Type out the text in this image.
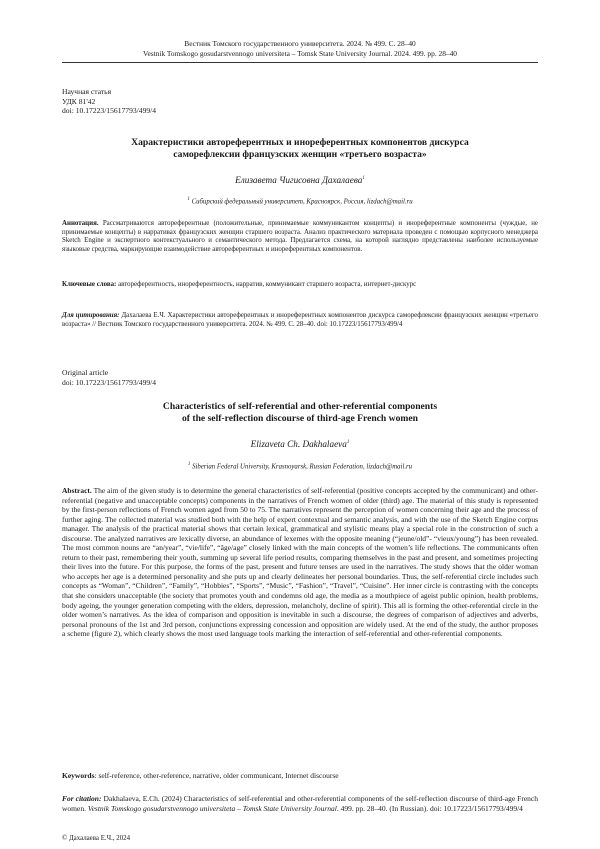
Вестник Томского государственного университета. 2024. № 499. С. 28–40
Vestnik Tomskogo gosudarstvennogo universiteta – Tomsk State University Journal. 2024. 499. pp. 28–40
Научная статья
УДК 81'42
doi: 10.17223/15617793/499/4
Характеристики автореферентных и инореферентных компонентов дискурса
саморефлексии французских женщин «третьего возраста»
Елизавета Чигисовна Дахалаева$^1$
$^1$ Сибирский федеральный университет, Красноярск, Россия, lizdach@mail.ru
Аннотация. Рассматриваются автореферентные (положительные, принимаемые коммуникантом концепты) и инореферентные компоненты (чуждые, не принимаемые концепты) в нарративах французских женщин старшего возраста. Анализ практического материала проведен с помощью корпусного менеджера Sketch Engine и экспертного контекстуального и семантического метода. Предлагается схема, на которой наглядно представлены наиболее используемые языковые средства, маркирующие взаимодействие автореферентных и инореферентных компонентов.
Ключевые слова: автореферентность, инореферентность, нарратив, коммуникант старшего возраста, интернет-дискурс
Для цитирования: Дахалаева Е.Ч. Характеристики автореферентных и инореферентных компонентов дискурса саморефлексии французских женщин «третьего возраста» // Вестник Томского государственного университета. 2024. № 499. С. 28–40. doi: 10.17223/15617793/499/4
Original article
doi: 10.17223/15617793/499/4
Characteristics of self-referential and other-referential components
of the self-reflection discourse of third-age French women
Elizaveta Ch. Dakhalaeva$^1$
$^1$ Siberian Federal University, Krasnoyarsk, Russian Federation, lizdach@mail.ru
Abstract. The aim of the given study is to determine the general characteristics of self-referential (positive concepts accepted by the communicant) and other-referential (negative and unacceptable concepts) components in the narratives of French women of older (third) age. The material of this study is represented by the first-person reflections of French women aged from 50 to 75. The narratives represent the perception of women concerning their age and the process of further aging. The collected material was studied both with the help of expert contextual and semantic analysis, and with the use of the Sketch Engine corpus manager. The analysis of the practical material shows that certain lexical, grammatical and stylistic means play a special role in the construction of such a discourse. The analyzed narratives are lexically diverse, an abundance of lexemes with the opposite meaning (“jeune/old”- “vieux/young”) has been revealed. The most common nouns are “an/year”, “vie/life”, “âge/age” closely linked with the main concepts of the women’s life reflections. The communicants often return to their past, remembering their youth, summing up several life period results, comparing themselves in the past and present, and sometimes projecting their lives into the future. For this purpose, the forms of the past, present and future tenses are used in the narratives. The study shows that the older woman who accepts her age is a determined personality and she puts up and clearly delineates her personal boundaries. Thus, the self-referential circle includes such concepts as “Woman”, “Children”, “Family”, “Hobbies”, “Sports”, “Music”, “Fashion”, “Travel”, “Cuisine”. Her inner circle is contrasting with the concepts that she considers unacceptable (the society that promotes youth and condemns old age, the media as a mouthpiece of ageist public opinion, health problems, body ageing, the younger generation competing with the elders, depression, melancholy, decline of spirit). This all is forming the other-referential circle in the older women’s narratives. As the idea of comparison and opposition is inevitable in such a discourse, the degrees of comparison of adjectives and adverbs, personal pronouns of the 1st and 3rd person, conjunctions expressing concession and opposition are widely used. At the end of the study, the author proposes a scheme (figure 2), which clearly shows the most used language tools marking the interaction of self-referential and other-referential components.
Keywords: self-reference, other-reference, narrative, older communicant, Internet discourse
For citation: Dakhalaeva, E.Ch. (2024) Characteristics of self-referential and other-referential components of the self-reflection discourse of third-age French women. Vestnik Tomskogo gosudarstvennogo universiteta – Tomsk State University Journal. 499. pp. 28–40. (In Russian). doi: 10.17223/15617793/499/4
© Дахалаева Е.Ч., 2024
